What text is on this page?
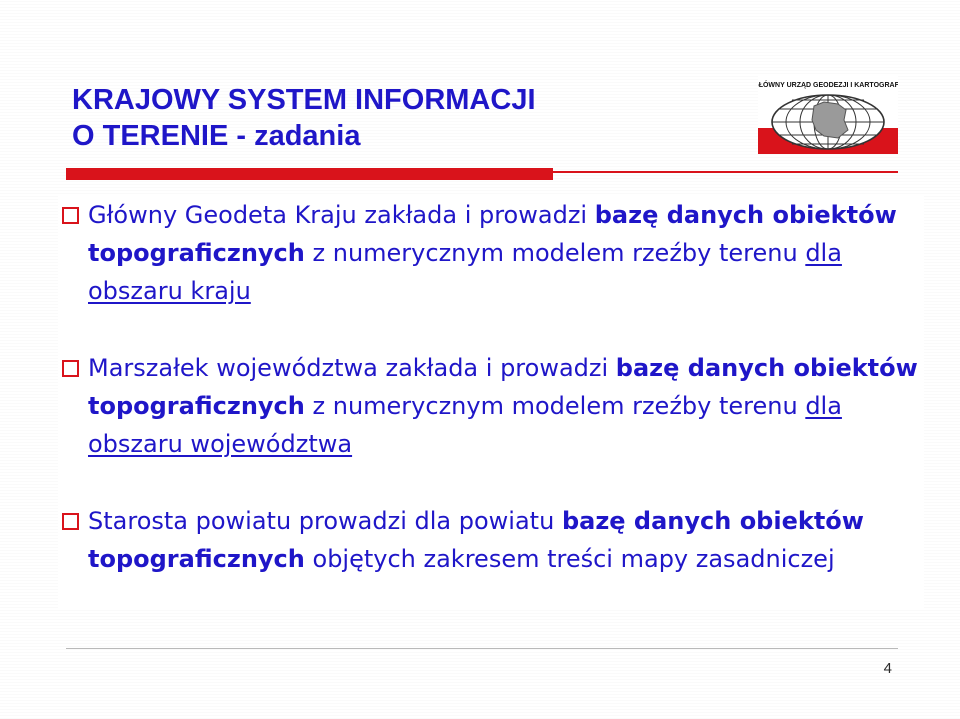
KRAJOWY SYSTEM INFORMACJI
O TERENIE - zadania
GŁÓWNY URZĄD GEODEZJI I KARTOGRAFII
Główny Geodeta Kraju zakłada i prowadzi bazę danych obiektów topograficznych z numerycznym modelem rzeźby terenu dla obszaru kraju
Marszałek województwa zakłada i prowadzi bazę danych obiektów topograficznych z numerycznym modelem rzeźby terenu dla obszaru województwa
Starosta powiatu prowadzi dla powiatu bazę danych obiektów topograficznych objętych zakresem treści mapy zasadniczej
4
